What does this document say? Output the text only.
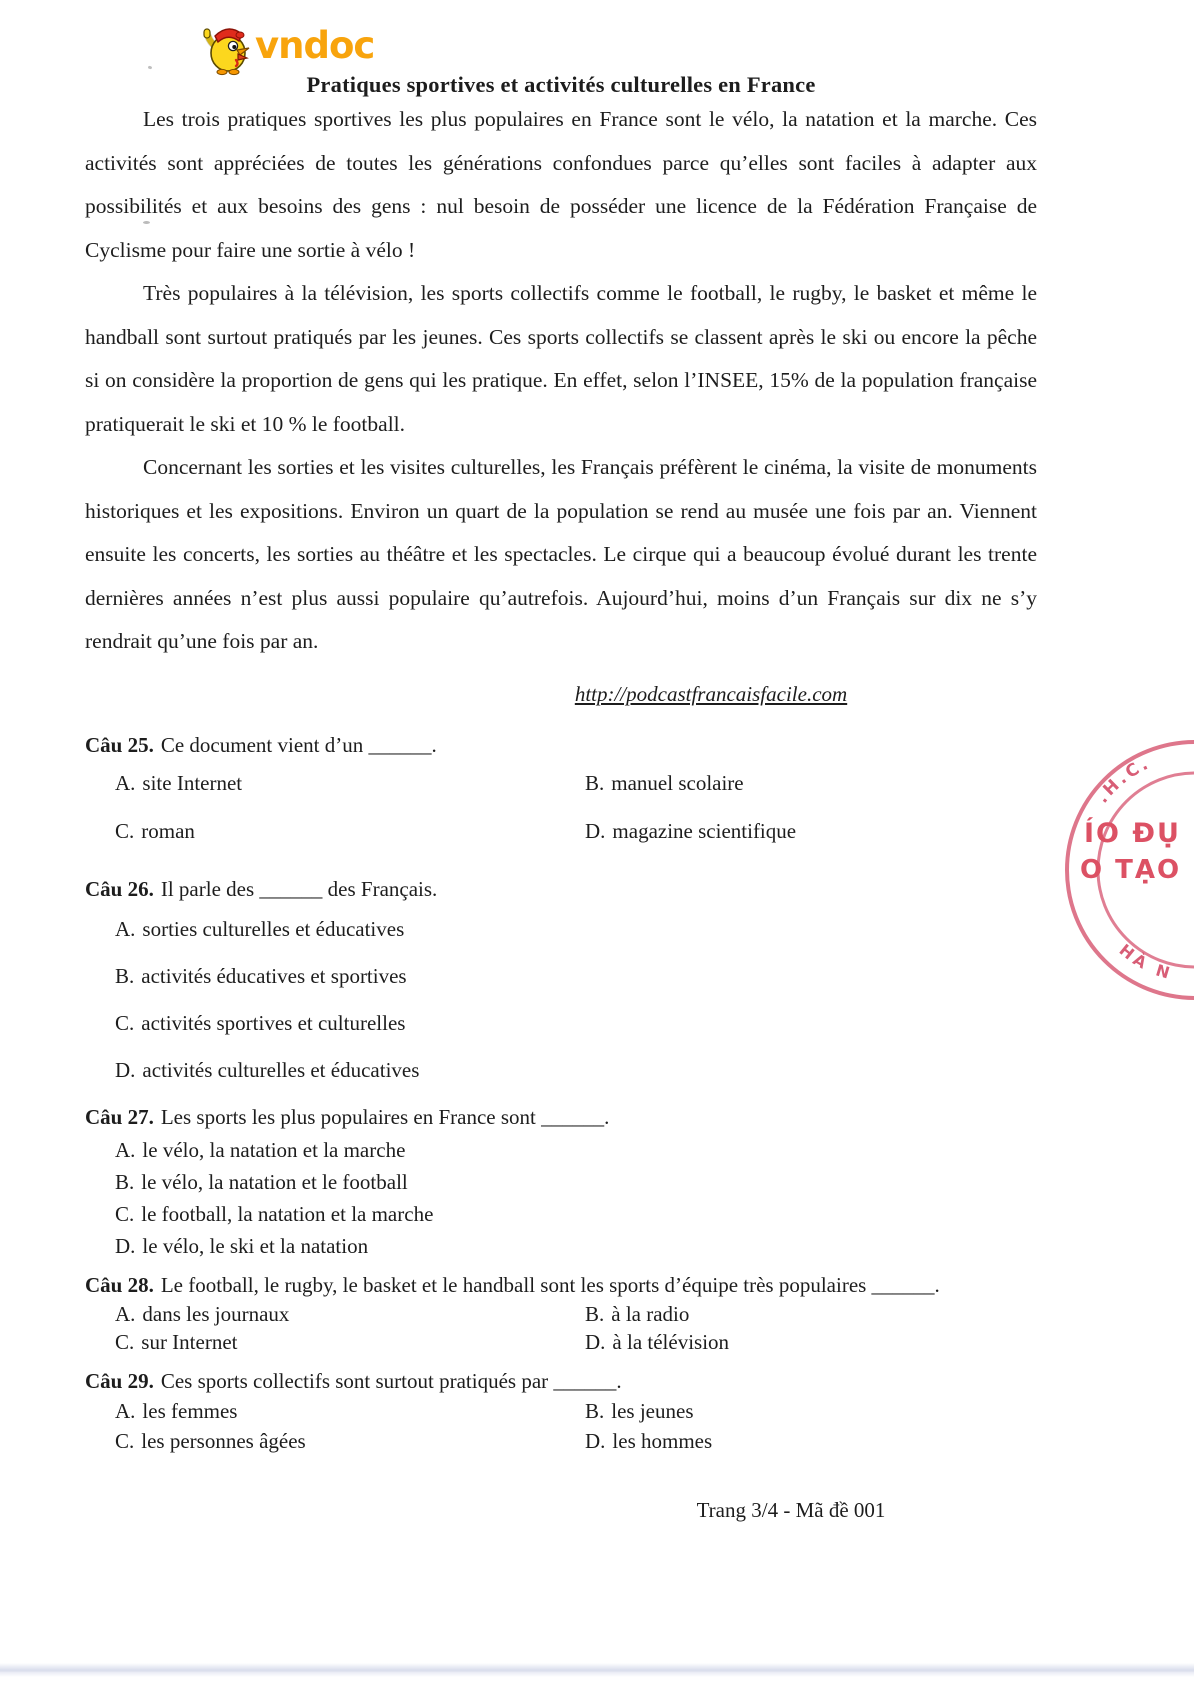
vndoc
Pratiques sportives et activités culturelles en France

Les trois pratiques sportives les plus populaires en France sont le vélo, la natation et la marche. Ces activités sont appréciées de toutes les générations confondues parce qu’elles sont faciles à adapter aux possibilités et aux besoins des gens : nul besoin de posséder une licence de la Fédération Française de Cyclisme pour faire une sortie à vélo !

Très populaires à la télévision, les sports collectifs comme le football, le rugby, le basket et même le handball sont surtout pratiqués par les jeunes. Ces sports collectifs se classent après le ski ou encore la pêche si on considère la proportion de gens qui les pratique. En effet, selon l’INSEE, 15% de la population française pratiquerait le ski et 10 % le football.

Concernant les sorties et les visites culturelles, les Français préfèrent le cinéma, la visite de monuments historiques et les expositions. Environ un quart de la population se rend au musée une fois par an. Viennent ensuite les concerts, les sorties au théâtre et les spectacles. Le cirque qui a beaucoup évolué durant les trente dernières années n’est plus aussi populaire qu’autrefois. Aujourd’hui, moins d’un Français sur dix ne s’y rendrait qu’une fois par an.

http://podcastfrancaisfacile.com
Câu 25. Ce document vient d’un ______.
A. site Internet	B. manuel scolaire
C. roman	D. magazine scientifique
Câu 26. Il parle des ______ des Français.
A. sorties culturelles et éducatives
B. activités éducatives et sportives
C. activités sportives et culturelles
D. activités culturelles et éducatives
Câu 27. Les sports les plus populaires en France sont ______.
A. le vélo, la natation et la marche
B. le vélo, la natation et le football
C. le football, la natation et la marche
D. le vélo, le ski et la natation
Câu 28. Le football, le rugby, le basket et le handball sont les sports d’équipe très populaires ______.
A. dans les journaux	B. à la radio
C. sur Internet	D. à la télévision
Câu 29. Ces sports collectifs sont surtout pratiqués par ______.
A. les femmes	B. les jeunes
C. les personnes âgées	D. les hommes
Trang 3/4 - Mã đề 001
.H.C.
ÍO ĐỤ
O TẠO
HÀ N
